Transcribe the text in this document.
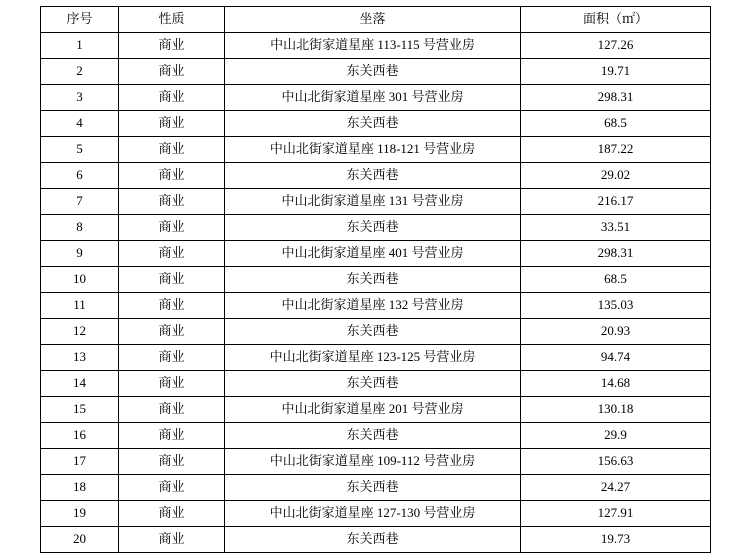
序号	性质	坐落	面积（㎡）
1	商业	中山北街家道星座 113-115 号营业房	127.26
2	商业	东关西巷	19.71
3	商业	中山北街家道星座 301 号营业房	298.31
4	商业	东关西巷	68.5
5	商业	中山北街家道星座 118-121 号营业房	187.22
6	商业	东关西巷	29.02
7	商业	中山北街家道星座 131 号营业房	216.17
8	商业	东关西巷	33.51
9	商业	中山北街家道星座 401 号营业房	298.31
10	商业	东关西巷	68.5
11	商业	中山北街家道星座 132 号营业房	135.03
12	商业	东关西巷	20.93
13	商业	中山北街家道星座 123-125 号营业房	94.74
14	商业	东关西巷	14.68
15	商业	中山北街家道星座 201 号营业房	130.18
16	商业	东关西巷	29.9
17	商业	中山北街家道星座 109-112 号营业房	156.63
18	商业	东关西巷	24.27
19	商业	中山北街家道星座 127-130 号营业房	127.91
20	商业	东关西巷	19.73
